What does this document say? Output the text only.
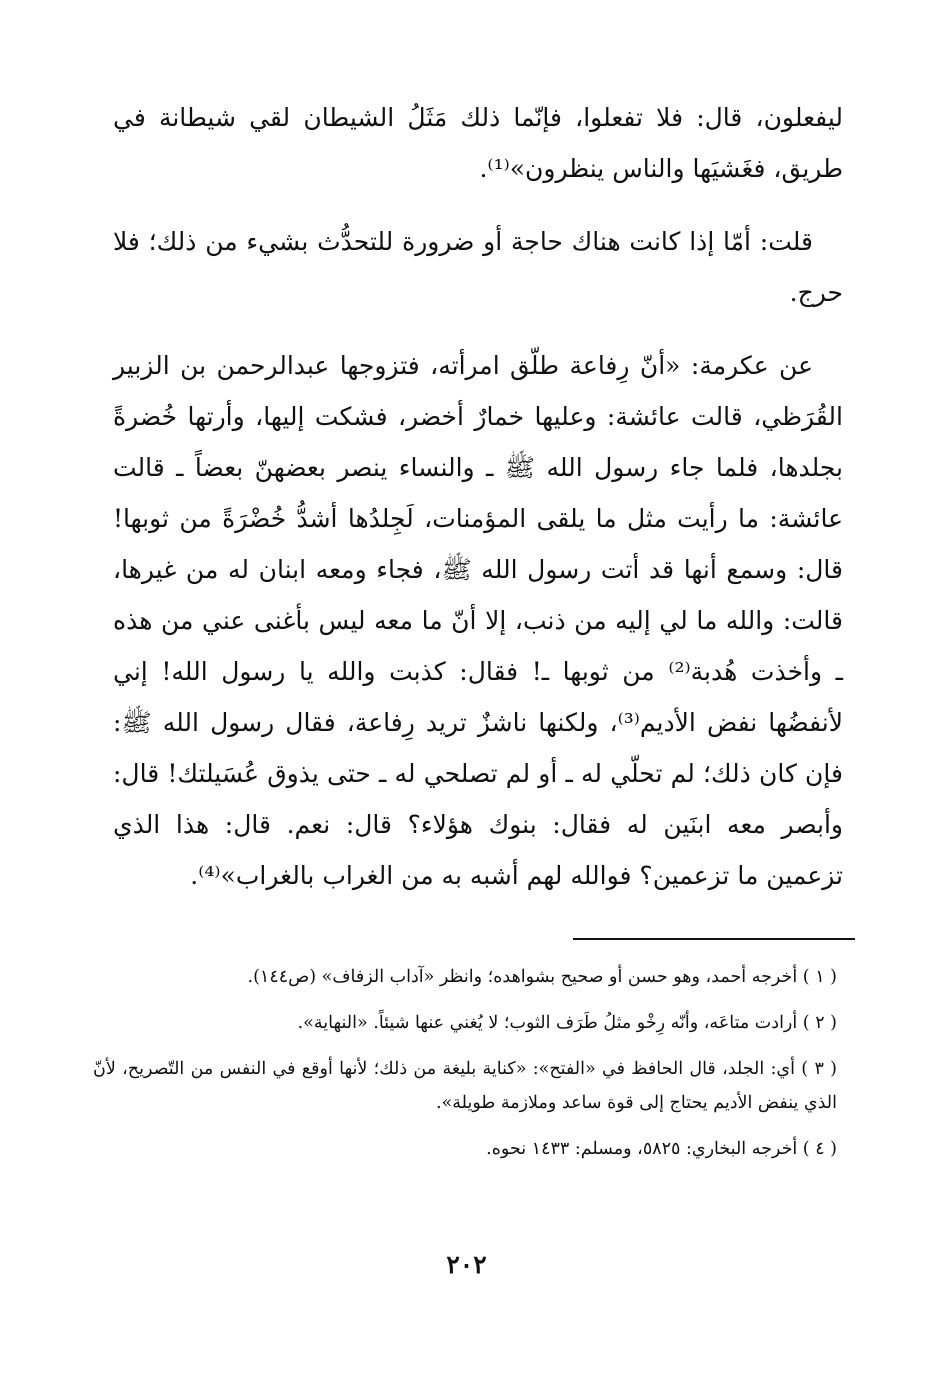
ليفعلون، قال: فلا تفعلوا، فإنّما ذلك مَثَلُ الشيطان لقي شيطانة في طريق، فغَشيَها والناس ينظرون»⁽¹⁾.

قلت: أمّا إذا كانت هناك حاجة أو ضرورة للتحدُّث بشيء من ذلك؛ فلا حرج.

عن عكرمة: «أنّ رِفاعة طلّق امرأته، فتزوجها عبدالرحمن بن الزبير القُرَظي، قالت عائشة: وعليها خمارٌ أخضر، فشكت إليها، وأرتها خُضرةً بجلدها، فلما جاء رسول الله ﷺ ـ والنساء ينصر بعضهنّ بعضاً ـ قالت عائشة: ما رأيت مثل ما يلقى المؤمنات، لَجِلدُها أشدُّ خُضْرَةً من ثوبها! قال: وسمع أنها قد أتت رسول الله ﷺ، فجاء ومعه ابنان له من غيرها، قالت: والله ما لي إليه من ذنب، إلا أنّ ما معه ليس بأغنى عني من هذه ـ وأخذت هُدبة⁽²⁾ من ثوبها ـ! فقال: كذبت والله يا رسول الله! إني لأنفضُها نفض الأديم⁽³⁾، ولكنها ناشزٌ تريد رِفاعة، فقال رسول الله ﷺ: فإن كان ذلك؛ لم تحلّي له ـ أو لم تصلحي له ـ حتى يذوق عُسَيلتك! قال: وأبصر معه ابنَين له فقال: بنوك هؤلاء؟ قال: نعم. قال: هذا الذي تزعمين ما تزعمين؟ فوالله لهم أشبه به من الغراب بالغراب»⁽⁴⁾.

( ١ ) أخرجه أحمد، وهو حسن أو صحيح بشواهده؛ وانظر «آداب الزفاف» (ص١٤٤).

( ٢ ) أرادت متاعَه، وأنّه رِخْو مثلُ طَرَف الثوب؛ لا يُغني عنها شيئاً. «النهاية».

( ٣ ) أي: الجلد، قال الحافظ في «الفتح»: «كناية بليغة من ذلك؛ لأنها أوقع في النفس من التّصريح، لأنّ الذي ينفض الأديم يحتاج إلى قوة ساعد وملازمة طويلة».

( ٤ ) أخرجه البخاري: ٥٨٢٥، ومسلم: ١٤٣٣ نحوه.

٢٠٢
